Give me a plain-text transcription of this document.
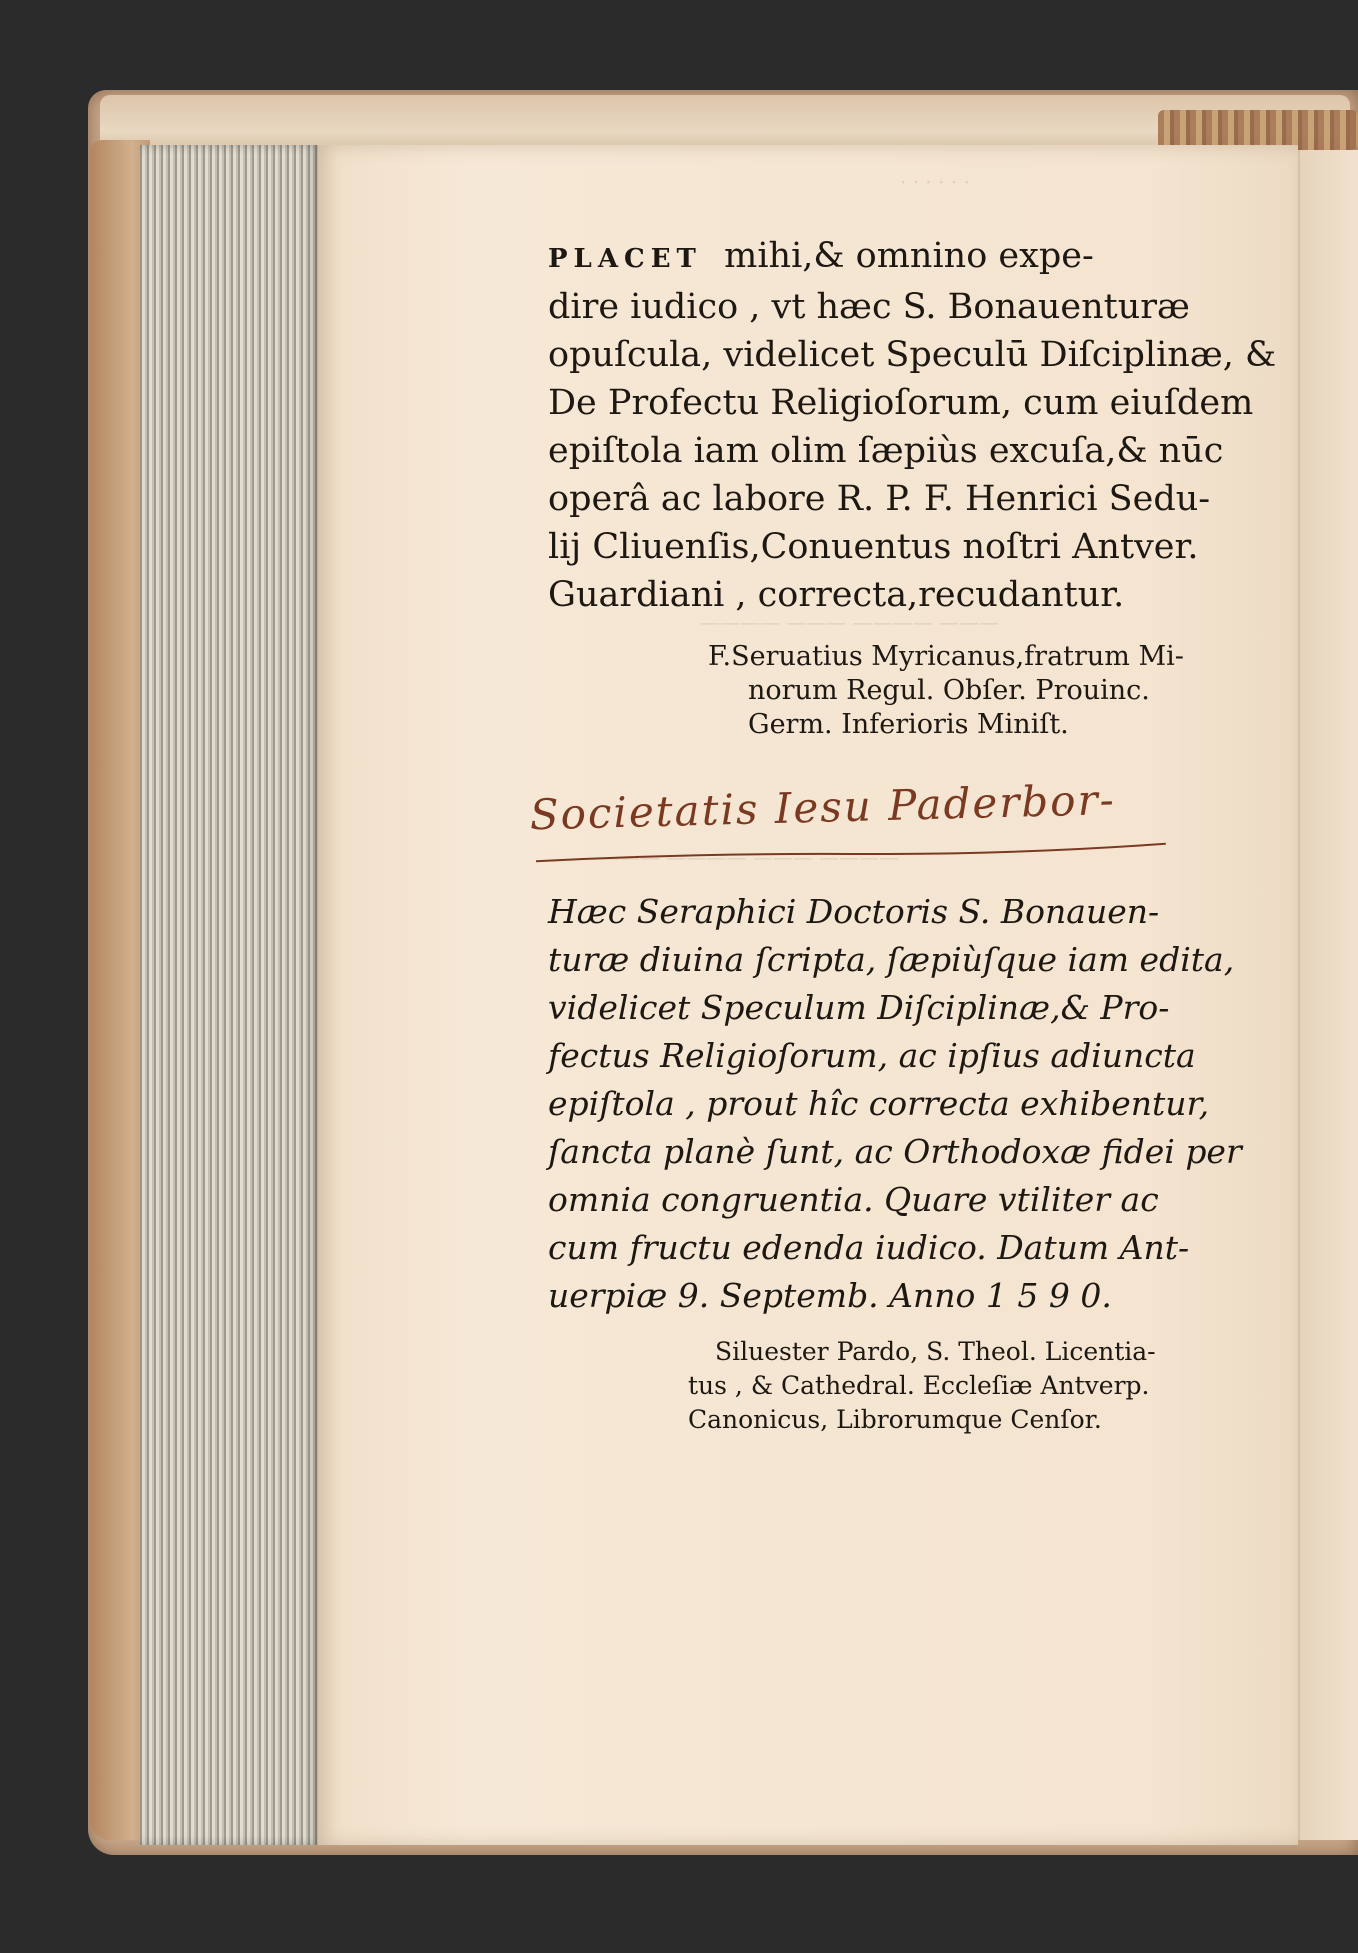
· · · · · ·
———— ——— ———— ———
——— ———— ——— ————
PLACET mihi,& omnino expe-
dire iudico , vt hæc S. Bonauenturæ
opuſcula, videlicet Speculū Diſciplinæ, &
De Profectu Religioſorum, cum eiuſdem
epiſtola iam olim ſæpiùs excuſa,& nūc
operâ ac labore R. P. F. Henrici Sedu-
lij Cliuenſis,Conuentus noſtri Antver.
Guardiani , correcta,recudantur.
F.Seruatius Myricanus,fratrum Mi-
norum Regul. Obſer. Prouinc.
Germ. Inferioris Miniſt.
Societatis Iesu Paderbor-
Hæc Seraphici Doctoris S. Bonauen-
turæ diuina ſcripta, ſæpiùſque iam edita,
videlicet Speculum Diſciplinæ,& Pro-
fectus Religioſorum, ac ipſius adiuncta
epiſtola , prout hîc correcta exhibentur,
ſancta planè ſunt, ac Orthodoxæ fidei per
omnia congruentia. Quare vtiliter ac
cum fructu edenda iudico. Datum Ant-
uerpiæ 9. Septemb. Anno 1 5 9 0.
Siluester Pardo, S. Theol. Licentia-
tus , & Cathedral. Eccleſiæ Antverp.
Canonicus, Librorumque Cenſor.
